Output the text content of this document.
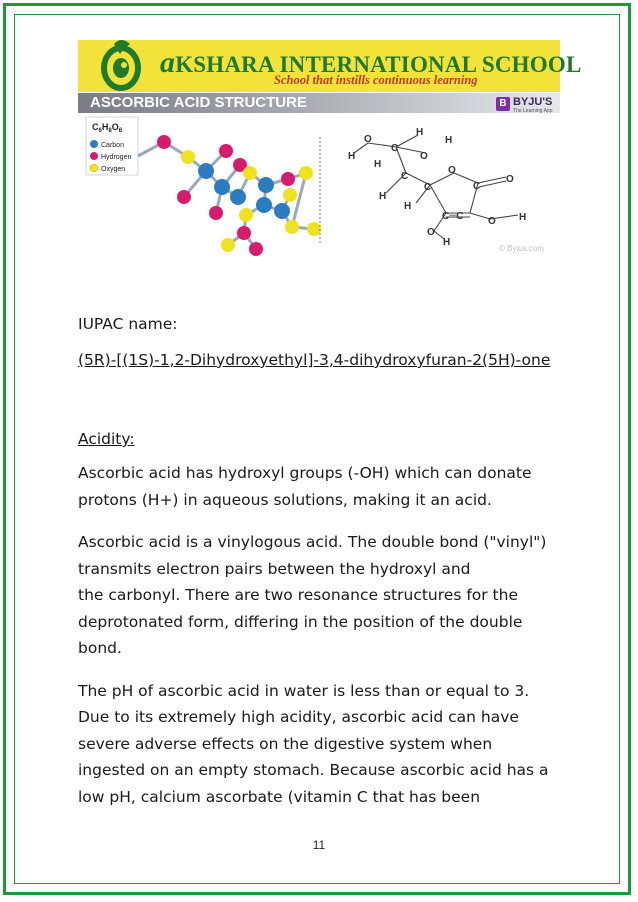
aKSHARA INTERNATIONAL SCHOOL
School that instills continuous learning
ASCORBIC ACID STRUCTURE	B BYJU'S
The Learning App
$C_6H_8O_6$
Carbon
Hydrogen
Oxygen
O
H
C
H
H
H
O
C
H
C
O
H
C
O
C═C O H
O
H
© Byjus.com
IUPAC name:
(5R)-[(1S)-1,2-Dihydroxyethyl]-3,4-dihydroxyfuran-2(5H)-one
Acidity:
Ascorbic acid has hydroxyl groups (-OH) which can donate
protons (H+) in aqueous solutions, making it an acid.
Ascorbic acid is a vinylogous acid. The double bond ("vinyl")
transmits electron pairs between the hydroxyl and
the carbonyl. There are two resonance structures for the
deprotonated form, differing in the position of the double
bond.
The pH of ascorbic acid in water is less than or equal to 3.
Due to its extremely high acidity, ascorbic acid can have
severe adverse effects on the digestive system when
ingested on an empty stomach. Because ascorbic acid has a
low pH, calcium ascorbate (vitamin C that has been
11
